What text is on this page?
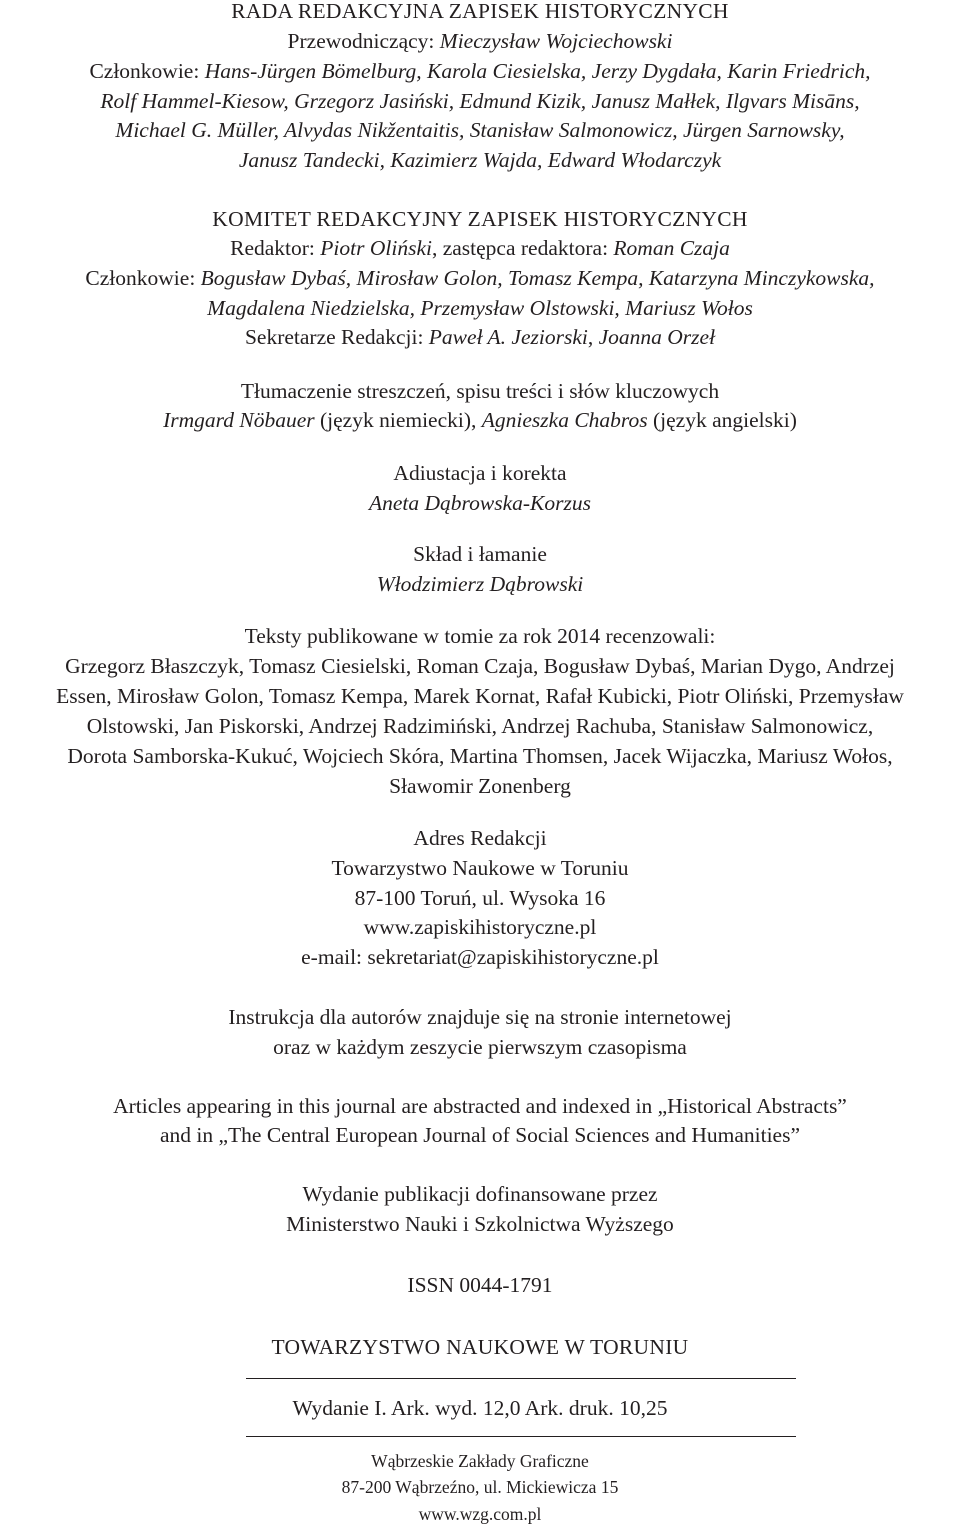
RADA REDAKCYJNA ZAPISEK HISTORYCZNYCH
Przewodniczący: Mieczysław Wojciechowski
Członkowie: Hans-Jürgen Bömelburg, Karola Ciesielska, Jerzy Dygdała, Karin Friedrich,
Rolf Hammel-Kiesow, Grzegorz Jasiński, Edmund Kizik, Janusz Małłek, Ilgvars Misāns,
Michael G. Müller, Alvydas Nikžentaitis, Stanisław Salmonowicz, Jürgen Sarnowsky,
Janusz Tandecki, Kazimierz Wajda, Edward Włodarczyk
KOMITET REDAKCYJNY ZAPISEK HISTORYCZNYCH
Redaktor: Piotr Oliński, zastępca redaktora: Roman Czaja
Członkowie: Bogusław Dybaś, Mirosław Golon, Tomasz Kempa, Katarzyna Minczykowska,
Magdalena Niedzielska, Przemysław Olstowski, Mariusz Wołos
Sekretarze Redakcji: Paweł A. Jeziorski, Joanna Orzeł
Tłumaczenie streszczeń, spisu treści i słów kluczowych
Irmgard Nöbauer (język niemiecki), Agnieszka Chabros (język angielski)
Adiustacja i korekta
Aneta Dąbrowska-Korzus
Skład i łamanie
Włodzimierz Dąbrowski
Teksty publikowane w tomie za rok 2014 recenzowali:
Grzegorz Błaszczyk, Tomasz Ciesielski, Roman Czaja, Bogusław Dybaś, Marian Dygo, Andrzej
Essen, Mirosław Golon, Tomasz Kempa, Marek Kornat, Rafał Kubicki, Piotr Oliński, Przemysław
Olstowski, Jan Piskorski, Andrzej Radzimiński, Andrzej Rachuba, Stanisław Salmonowicz,
Dorota Samborska-Kukuć, Wojciech Skóra, Martina Thomsen, Jacek Wijaczka, Mariusz Wołos,
Sławomir Zonenberg
Adres Redakcji
Towarzystwo Naukowe w Toruniu
87-100 Toruń, ul. Wysoka 16
www.zapiskihistoryczne.pl
e-mail: sekretariat@zapiskihistoryczne.pl
Instrukcja dla autorów znajduje się na stronie internetowej
oraz w każdym zeszycie pierwszym czasopisma
Articles appearing in this journal are abstracted and indexed in „Historical Abstracts”
and in „The Central European Journal of Social Sciences and Humanities”
Wydanie publikacji dofinansowane przez
Ministerstwo Nauki i Szkolnictwa Wyższego
ISSN 0044-1791
TOWARZYSTWO NAUKOWE W TORUNIU
Wydanie I. Ark. wyd. 12,0 Ark. druk. 10,25
Wąbrzeskie Zakłady Graficzne
87-200 Wąbrzeźno, ul. Mickiewicza 15
www.wzg.com.pl
